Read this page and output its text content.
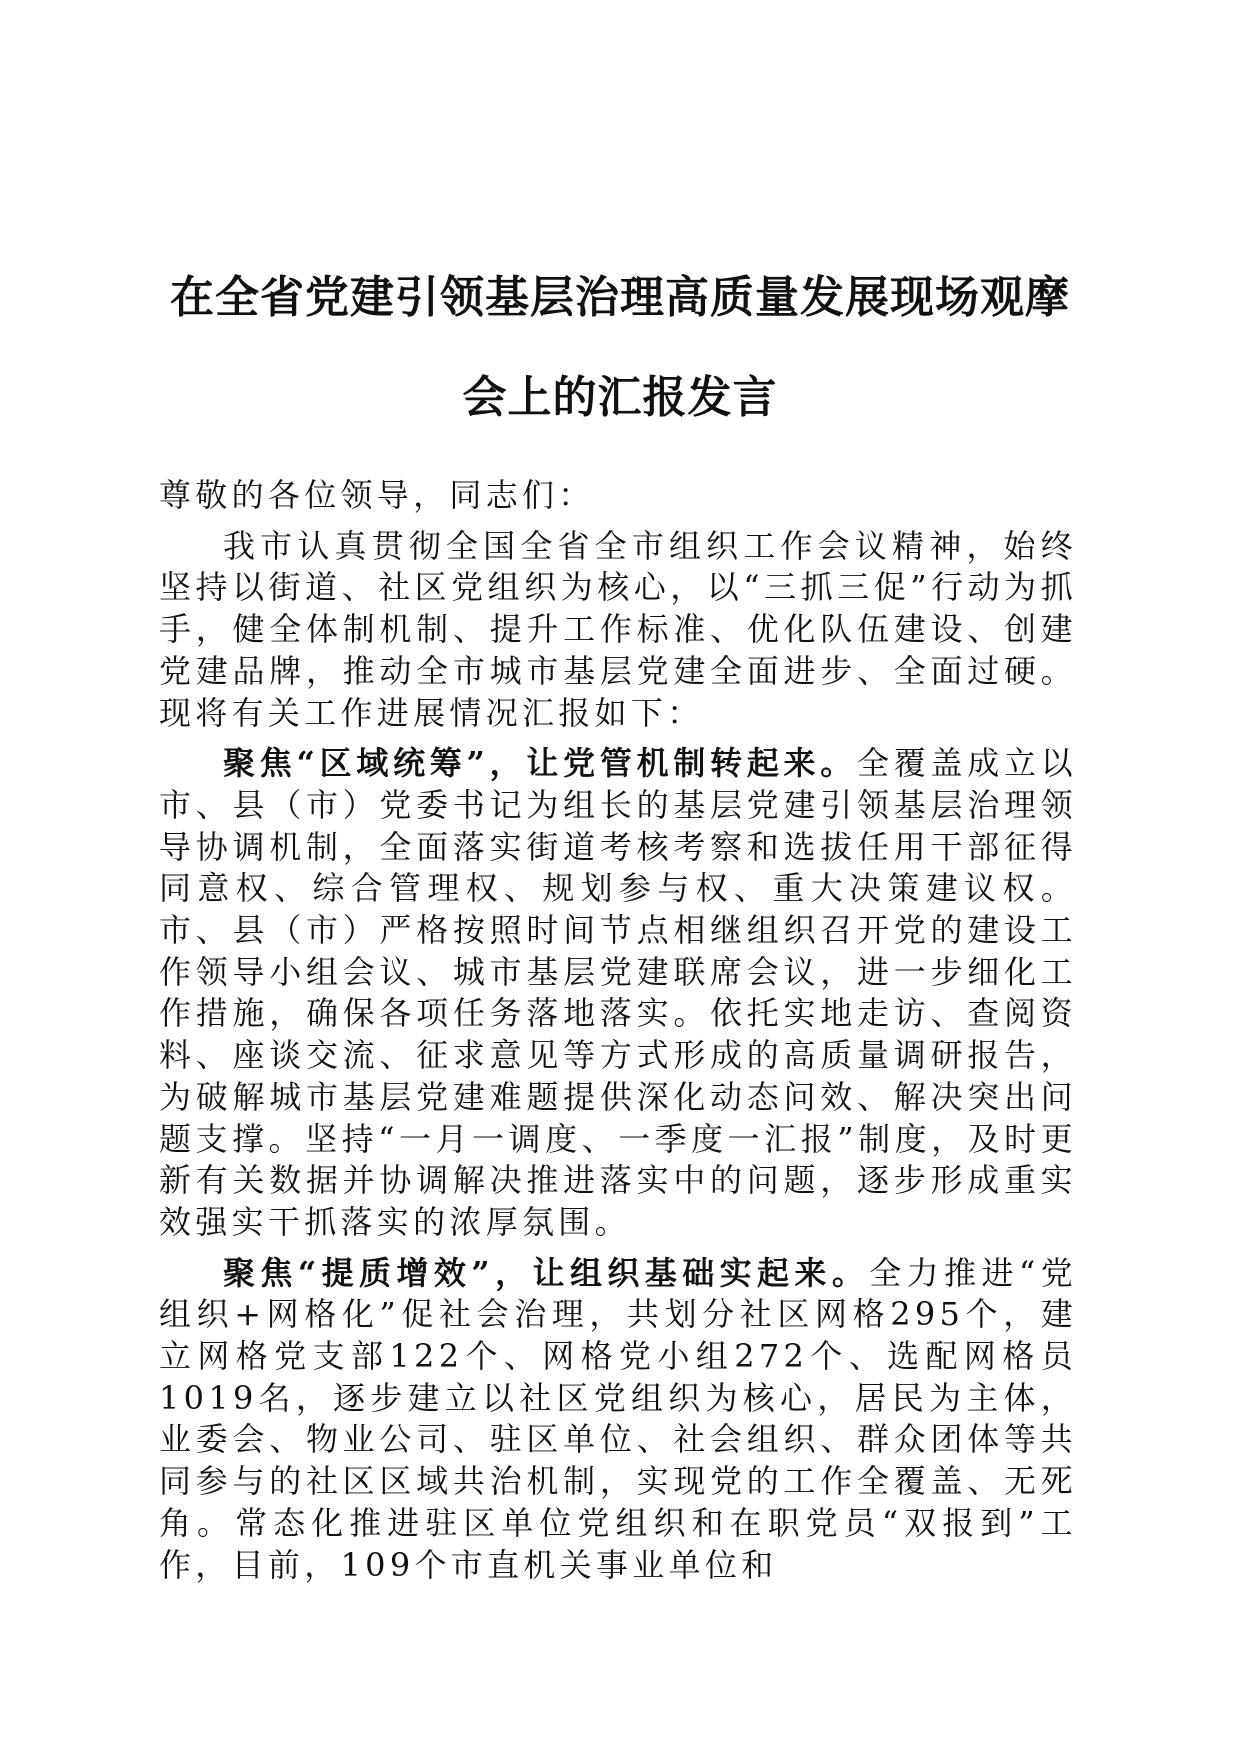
在全省党建引领基层治理高质量发展现场观摩
会上的汇报发言

尊敬的各位领导，同志们：

我市认真贯彻全国全省全市组织工作会议精神，始终坚持以街道、社区党组织为核心，以“三抓三促”行动为抓手，健全体制机制、提升工作标准、优化队伍建设、创建党建品牌，推动全市城市基层党建全面进步、全面过硬。现将有关工作进展情况汇报如下：

聚焦“区域统筹”，让党管机制转起来。全覆盖成立以市、县（市）党委书记为组长的基层党建引领基层治理领导协调机制，全面落实街道考核考察和选拔任用干部征得同意权、综合管理权、规划参与权、重大决策建议权。市、县（市）严格按照时间节点相继组织召开党的建设工作领导小组会议、城市基层党建联席会议，进一步细化工作措施，确保各项任务落地落实。依托实地走访、查阅资料、座谈交流、征求意见等方式形成的高质量调研报告，为破解城市基层党建难题提供深化动态问效、解决突出问题支撑。坚持“一月一调度、一季度一汇报”制度，及时更新有关数据并协调解决推进落实中的问题，逐步形成重实效强实干抓落实的浓厚氛围。

聚焦“提质增效”，让组织基础实起来。全力推进“党组织+网格化”促社会治理，共划分社区网格295个，建立网格党支部122个、网格党小组272个、选配网格员1019名，逐步建立以社区党组织为核心，居民为主体，业委会、物业公司、驻区单位、社会组织、群众团体等共同参与的社区区域共治机制，实现党的工作全覆盖、无死角。常态化推进驻区单位党组织和在职党员“双报到”工作，目前，109个市直机关事业单位和
